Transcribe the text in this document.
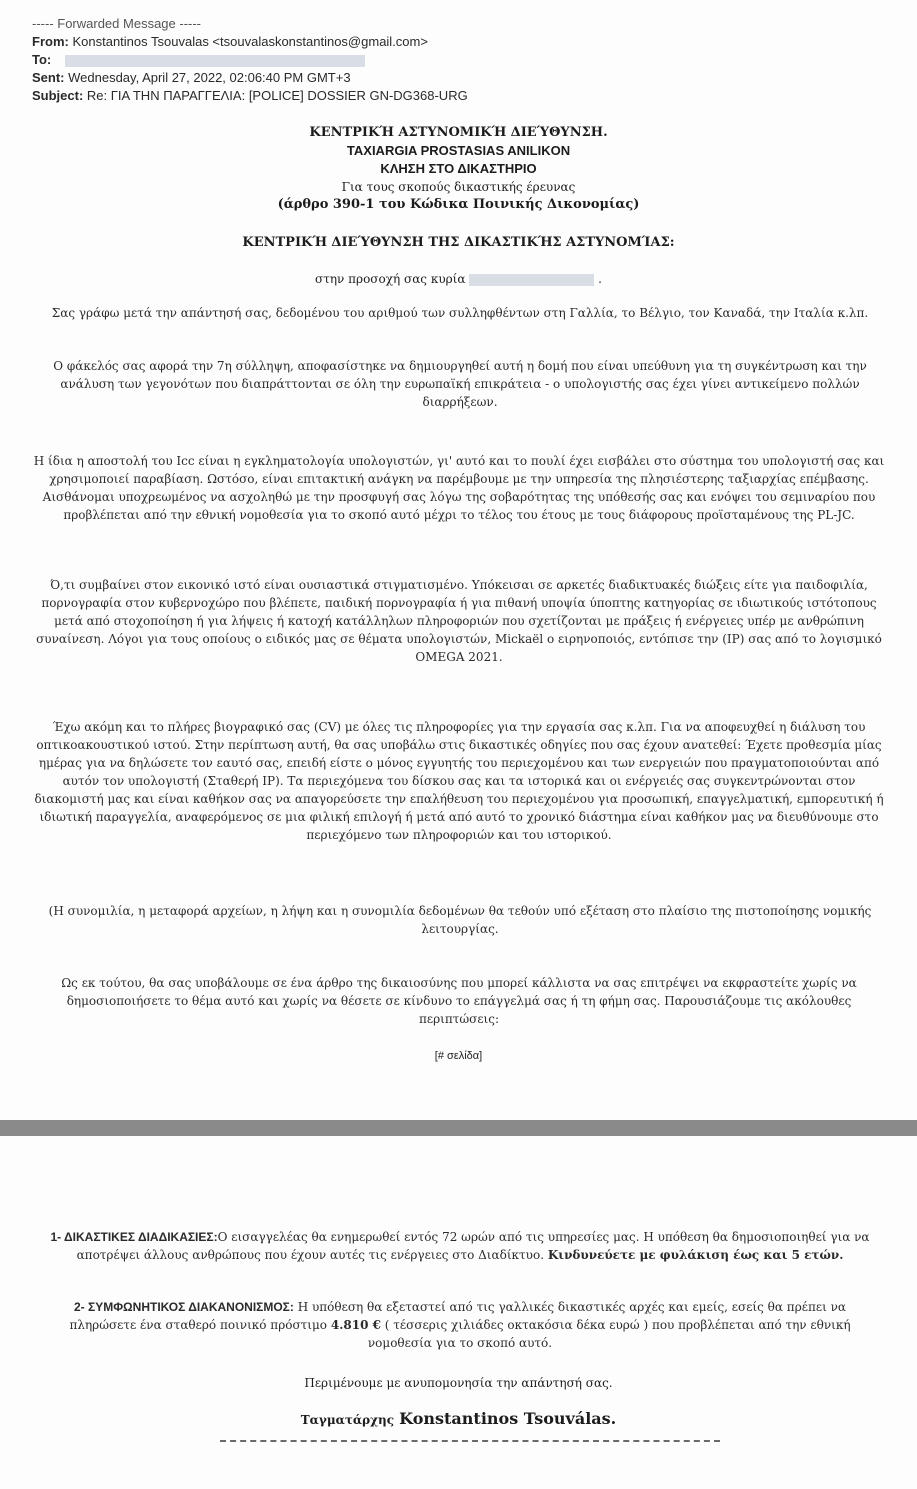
----- Forwarded Message -----
From: Konstantinos Tsouvalas <tsouvalaskonstantinos@gmail.com>
To:
Sent: Wednesday, April 27, 2022, 02:06:40 PM GMT+3
Subject: Re: ΓΙΑ ΤΗΝ ΠΑΡΑΓΓΕΛΙΑ: [POLICE] DOSSIER GN-DG368-URG
ΚΕΝΤΡΙΚΉ ΑΣΤΥΝΟΜΙΚΉ ΔΙΕΎΘΥΝΣΗ.
TAXIARGIA PROSTASIAS ANILIKON
ΚΛΗΣΗ ΣΤΟ ΔΙΚΑΣΤΗΡΙΟ
Για τους σκοπούς δικαστικής έρευνας
(άρθρο 390-1 του Κώδικα Ποινικής Δικονομίας)
ΚΕΝΤΡΙΚΉ ΔΙΕΎΘΥΝΣΗ ΤΗΣ ΔΙΚΑΣΤΙΚΉΣ ΑΣΤΥΝΟΜΊΑΣ:
στην προσοχή σας κυρία	.
Σας γράφω μετά την απάντησή σας, δεδομένου του αριθμού των συλληφθέντων στη Γαλλία, το Βέλγιο, τον Καναδά, την Ιταλία κ.λπ.
Ο φάκελός σας αφορά την 7η σύλληψη, αποφασίστηκε να δημιουργηθεί αυτή η δομή που είναι υπεύθυνη για τη συγκέντρωση και την ανάλυση των γεγονότων που διαπράττονται σε όλη την ευρωπαϊκή επικράτεια - ο υπολογιστής σας έχει γίνει αντικείμενο πολλών διαρρήξεων.
Η ίδια η αποστολή του Icc είναι η εγκληματολογία υπολογιστών, γι' αυτό και το πουλί έχει εισβάλει στο σύστημα του υπολογιστή σας και χρησιμοποιεί παραβίαση. Ωστόσο, είναι επιτακτική ανάγκη να παρέμβουμε με την υπηρεσία της πλησιέστερης ταξιαρχίας επέμβασης. Αισθάνομαι υποχρεωμένος να ασχοληθώ με την προσφυγή σας λόγω της σοβαρότητας της υπόθεσής σας και ενόψει του σεμιναρίου που προβλέπεται από την εθνική νομοθεσία για το σκοπό αυτό μέχρι το τέλος του έτους με τους διάφορους προϊσταμένους της PL-JC.
Ό,τι συμβαίνει στον εικονικό ιστό είναι ουσιαστικά στιγματισμένο. Υπόκεισαι σε αρκετές διαδικτυακές διώξεις είτε για παιδοφιλία, πορνογραφία στον κυβερνοχώρο που βλέπετε, παιδική πορνογραφία ή για πιθανή υποψία ύποπτης κατηγορίας σε ιδιωτικούς ιστότοπους μετά από στοχοποίηση ή για λήψεις ή κατοχή κατάλληλων πληροφοριών που σχετίζονται με πράξεις ή ενέργειες υπέρ με ανθρώπινη συναίνεση. Λόγοι για τους οποίους ο ειδικός μας σε θέματα υπολογιστών, Mickaël ο ειρηνοποιός, εντόπισε την (IP) σας από το λογισμικό OMEGA 2021.
Έχω ακόμη και το πλήρες βιογραφικό σας (CV) με όλες τις πληροφορίες για την εργασία σας κ.λπ. Για να αποφευχθεί η διάλυση του οπτικοακουστικού ιστού. Στην περίπτωση αυτή, θα σας υποβάλω στις δικαστικές οδηγίες που σας έχουν ανατεθεί: Έχετε προθεσμία μίας ημέρας για να δηλώσετε τον εαυτό σας, επειδή είστε ο μόνος εγγυητής του περιεχομένου και των ενεργειών που πραγματοποιούνται από αυτόν τον υπολογιστή (Σταθερή IP). Τα περιεχόμενα του δίσκου σας και τα ιστορικά και οι ενέργειές σας συγκεντρώνονται στον διακομιστή μας και είναι καθήκον σας να απαγορεύσετε την επαλήθευση του περιεχομένου για προσωπική, επαγγελματική, εμπορευτική ή ιδιωτική παραγγελία, αναφερόμενος σε μια φιλική επιλογή ή μετά από αυτό το χρονικό διάστημα είναι καθήκον μας να διευθύνουμε στο περιεχόμενο των πληροφοριών και του ιστορικού.
(Η συνομιλία, η μεταφορά αρχείων, η λήψη και η συνομιλία δεδομένων θα τεθούν υπό εξέταση στο πλαίσιο της πιστοποίησης νομικής λειτουργίας.
Ως εκ τούτου, θα σας υποβάλουμε σε ένα άρθρο της δικαιοσύνης που μπορεί κάλλιστα να σας επιτρέψει να εκφραστείτε χωρίς να δημοσιοποιήσετε το θέμα αυτό και χωρίς να θέσετε σε κίνδυνο το επάγγελμά σας ή τη φήμη σας. Παρουσιάζουμε τις ακόλουθες περιπτώσεις:
[# σελίδα]
1- ΔΙΚΑΣΤΙΚΕΣ ΔΙΑΔΙΚΑΣΙΕΣ:Ο εισαγγελέας θα ενημερωθεί εντός 72 ωρών από τις υπηρεσίες μας. Η υπόθεση θα δημοσιοποιηθεί για να αποτρέψει άλλους ανθρώπους που έχουν αυτές τις ενέργειες στο Διαδίκτυο. Κινδυνεύετε με φυλάκιση έως και 5 ετών.
2- ΣΥΜΦΩΝΗΤΙΚΟΣ ΔΙΑΚΑΝΟΝΙΣΜΟΣ: Η υπόθεση θα εξεταστεί από τις γαλλικές δικαστικές αρχές και εμείς, εσείς θα πρέπει να πληρώσετε ένα σταθερό ποινικό πρόστιμο 4.810 € ( τέσσερις χιλιάδες οκτακόσια δέκα ευρώ ) που προβλέπεται από την εθνική νομοθεσία για το σκοπό αυτό.
Περιμένουμε με ανυπομονησία την απάντησή σας.
Ταγματάρχης Konstantinos Tsouválas.
